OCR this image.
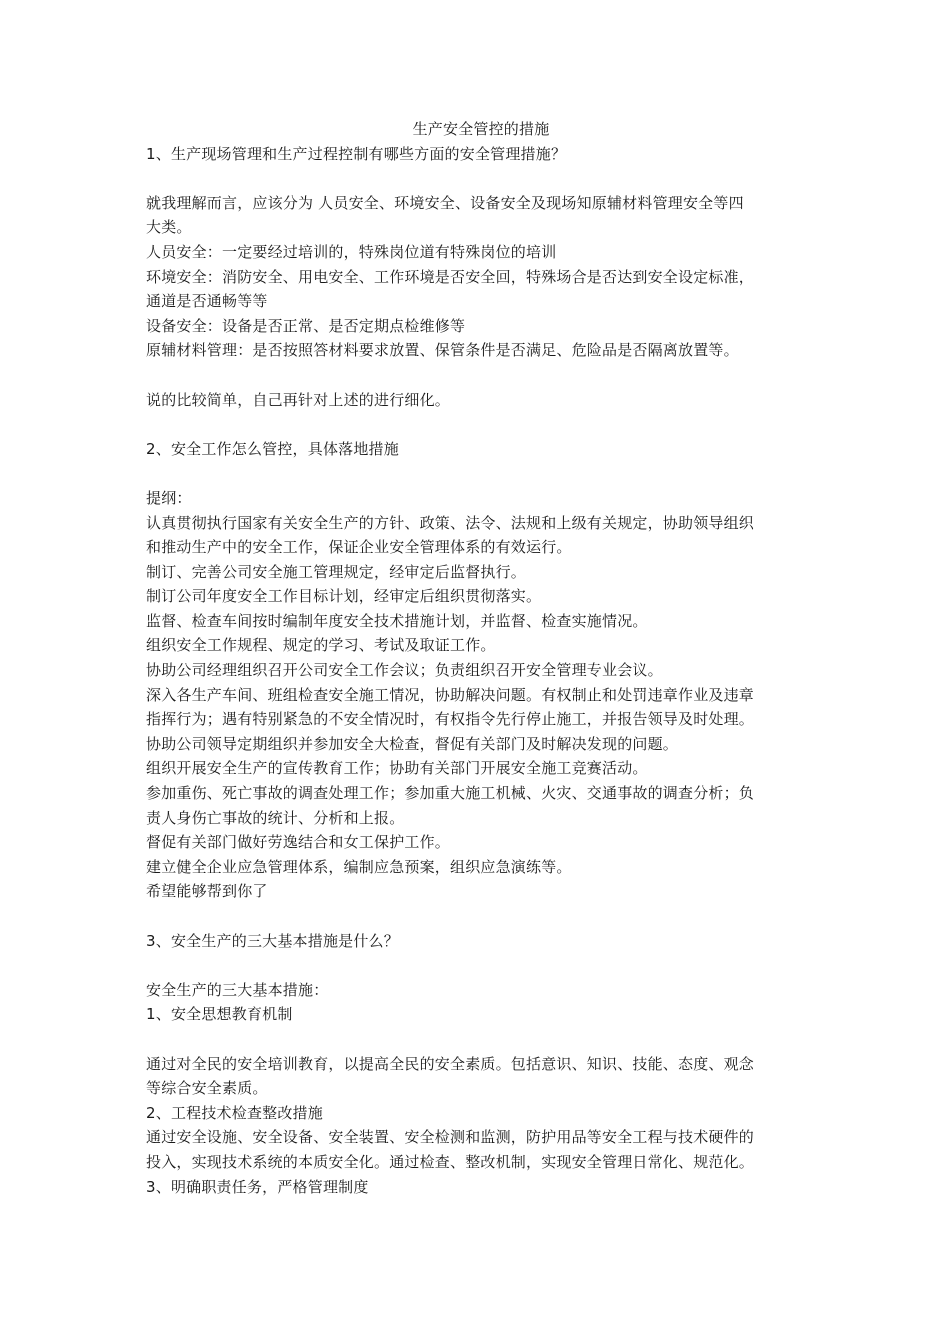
生产安全管控的措施
1、生产现场管理和生产过程控制有哪些方面的安全管理措施？
就我理解而言，应该分为 人员安全、环境安全、设备安全及现场知原辅材料管理安全等四
大类。
人员安全：一定要经过培训的，特殊岗位道有特殊岗位的培训
环境安全：消防安全、用电安全、工作环境是否安全回，特殊场合是否达到安全设定标准，
通道是否通畅等等
设备安全：设备是否正常、是否定期点检维修等
原辅材料管理：是否按照答材料要求放置、保管条件是否满足、危险品是否隔离放置等。
说的比较简单，自己再针对上述的进行细化。
2、安全工作怎么管控，具体落地措施
提纲：
认真贯彻执行国家有关安全生产的方针、政策、法令、法规和上级有关规定，协助领导组织
和推动生产中的安全工作，保证企业安全管理体系的有效运行。
制订、完善公司安全施工管理规定，经审定后监督执行。
制订公司年度安全工作目标计划，经审定后组织贯彻落实。
监督、检查车间按时编制年度安全技术措施计划，并监督、检查实施情况。
组织安全工作规程、规定的学习、考试及取证工作。
协助公司经理组织召开公司安全工作会议；负责组织召开安全管理专业会议。
深入各生产车间、班组检查安全施工情况，协助解决问题。有权制止和处罚违章作业及违章
指挥行为；遇有特别紧急的不安全情况时，有权指令先行停止施工，并报告领导及时处理。
协助公司领导定期组织并参加安全大检查，督促有关部门及时解决发现的问题。
组织开展安全生产的宣传教育工作；协助有关部门开展安全施工竞赛活动。
参加重伤、死亡事故的调查处理工作；参加重大施工机械、火灾、交通事故的调查分析；负
责人身伤亡事故的统计、分析和上报。
督促有关部门做好劳逸结合和女工保护工作。
建立健全企业应急管理体系，编制应急预案，组织应急演练等。
希望能够帮到你了
3、安全生产的三大基本措施是什么？
安全生产的三大基本措施：
1、安全思想教育机制
通过对全民的安全培训教育，以提高全民的安全素质。包括意识、知识、技能、态度、观念
等综合安全素质。
2、工程技术检查整改措施
通过安全设施、安全设备、安全装置、安全检测和监测，防护用品等安全工程与技术硬件的
投入，实现技术系统的本质安全化。通过检查、整改机制，实现安全管理日常化、规范化。
3、明确职责任务，严格管理制度
